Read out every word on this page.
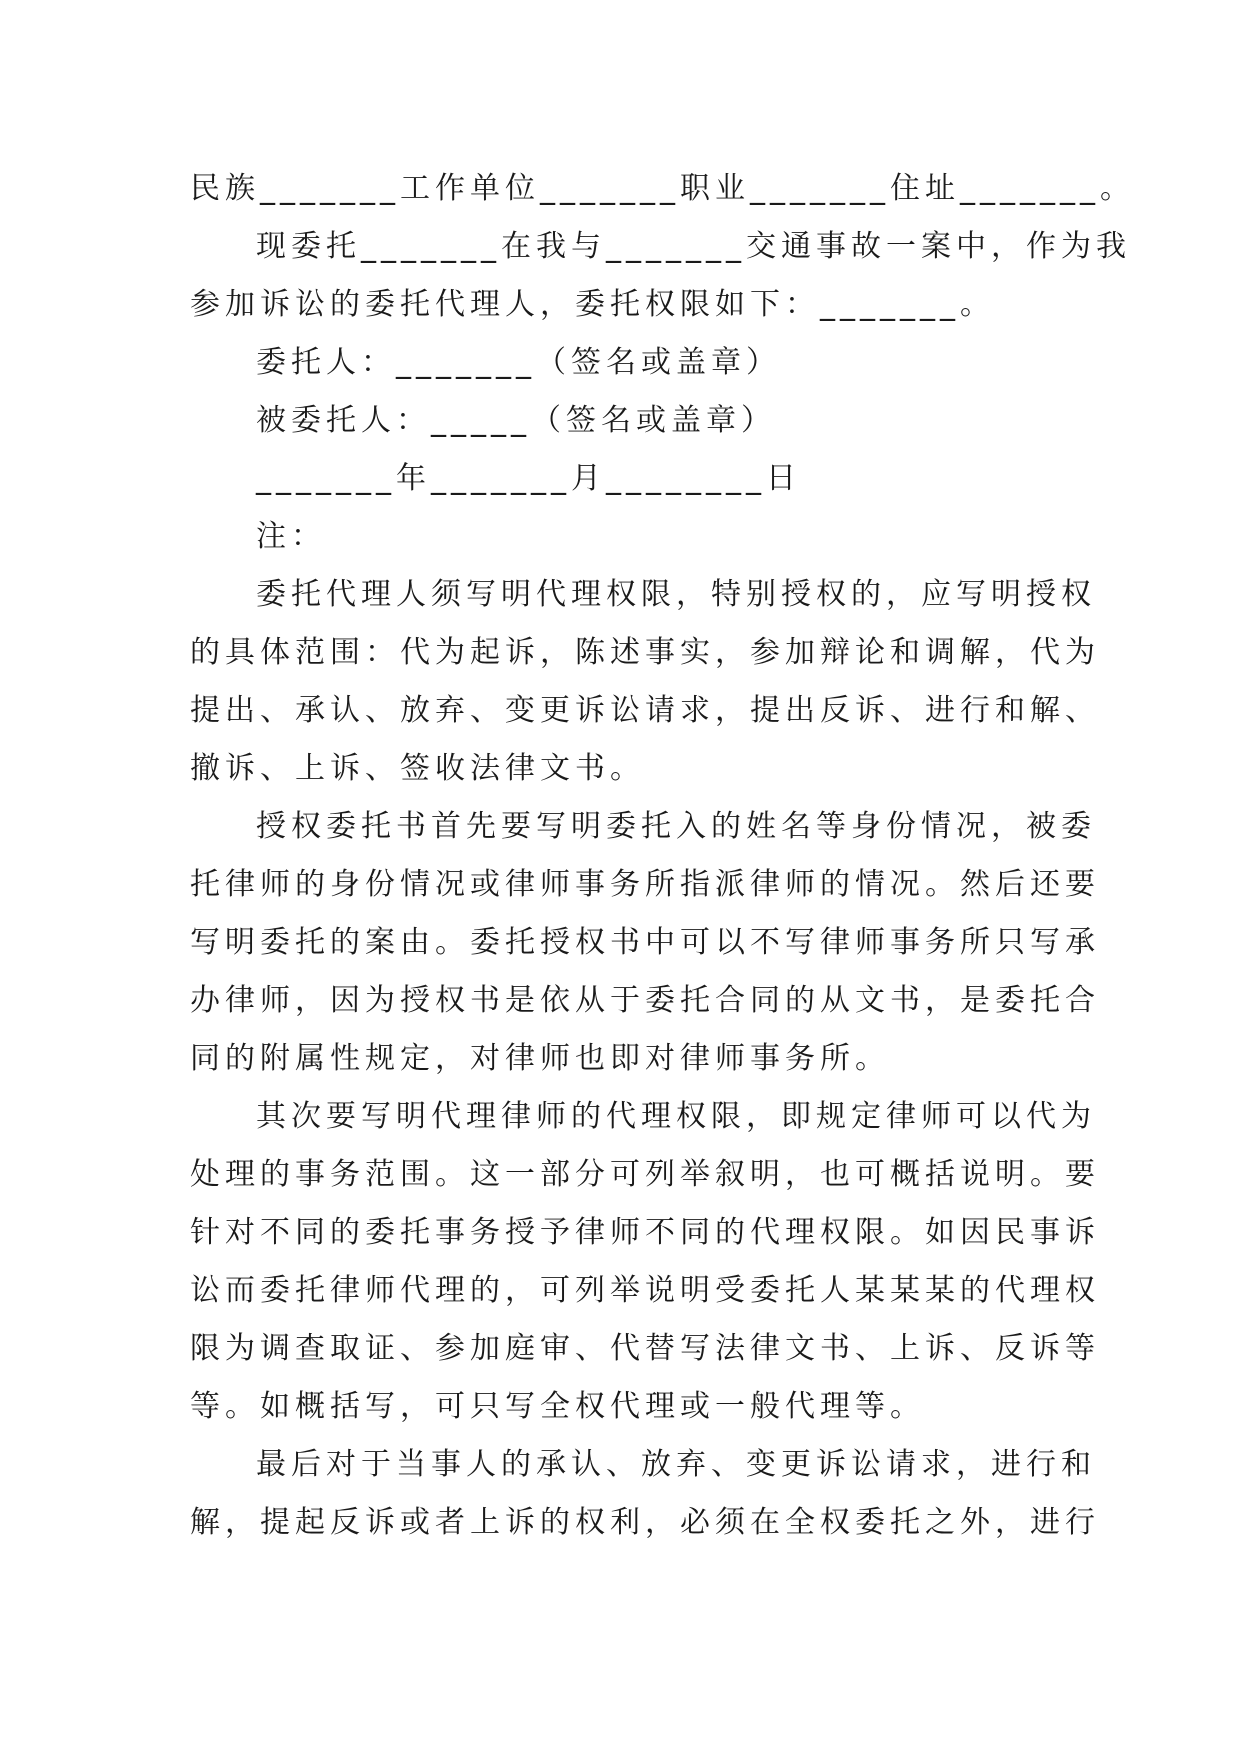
民族_______工作单位_______职业_______住址_______。
现委托_______在我与_______交通事故一案中，作为我
参加诉讼的委托代理人，委托权限如下：_______。
委托人：_______（签名或盖章）
被委托人：_____（签名或盖章）
_______年_______月________日
注：
委托代理人须写明代理权限，特别授权的，应写明授权
的具体范围：代为起诉，陈述事实，参加辩论和调解，代为
提出、承认、放弃、变更诉讼请求，提出反诉、进行和解、
撤诉、上诉、签收法律文书。
授权委托书首先要写明委托入的姓名等身份情况，被委
托律师的身份情况或律师事务所指派律师的情况。然后还要
写明委托的案由。委托授权书中可以不写律师事务所只写承
办律师，因为授权书是依从于委托合同的从文书，是委托合
同的附属性规定，对律师也即对律师事务所。
其次要写明代理律师的代理权限，即规定律师可以代为
处理的事务范围。这一部分可列举叙明，也可概括说明。要
针对不同的委托事务授予律师不同的代理权限。如因民事诉
讼而委托律师代理的，可列举说明受委托人某某某的代理权
限为调查取证、参加庭审、代替写法律文书、上诉、反诉等
等。如概括写，可只写全权代理或一般代理等。
最后对于当事人的承认、放弃、变更诉讼请求，进行和
解，提起反诉或者上诉的权利，必须在全权委托之外，进行
